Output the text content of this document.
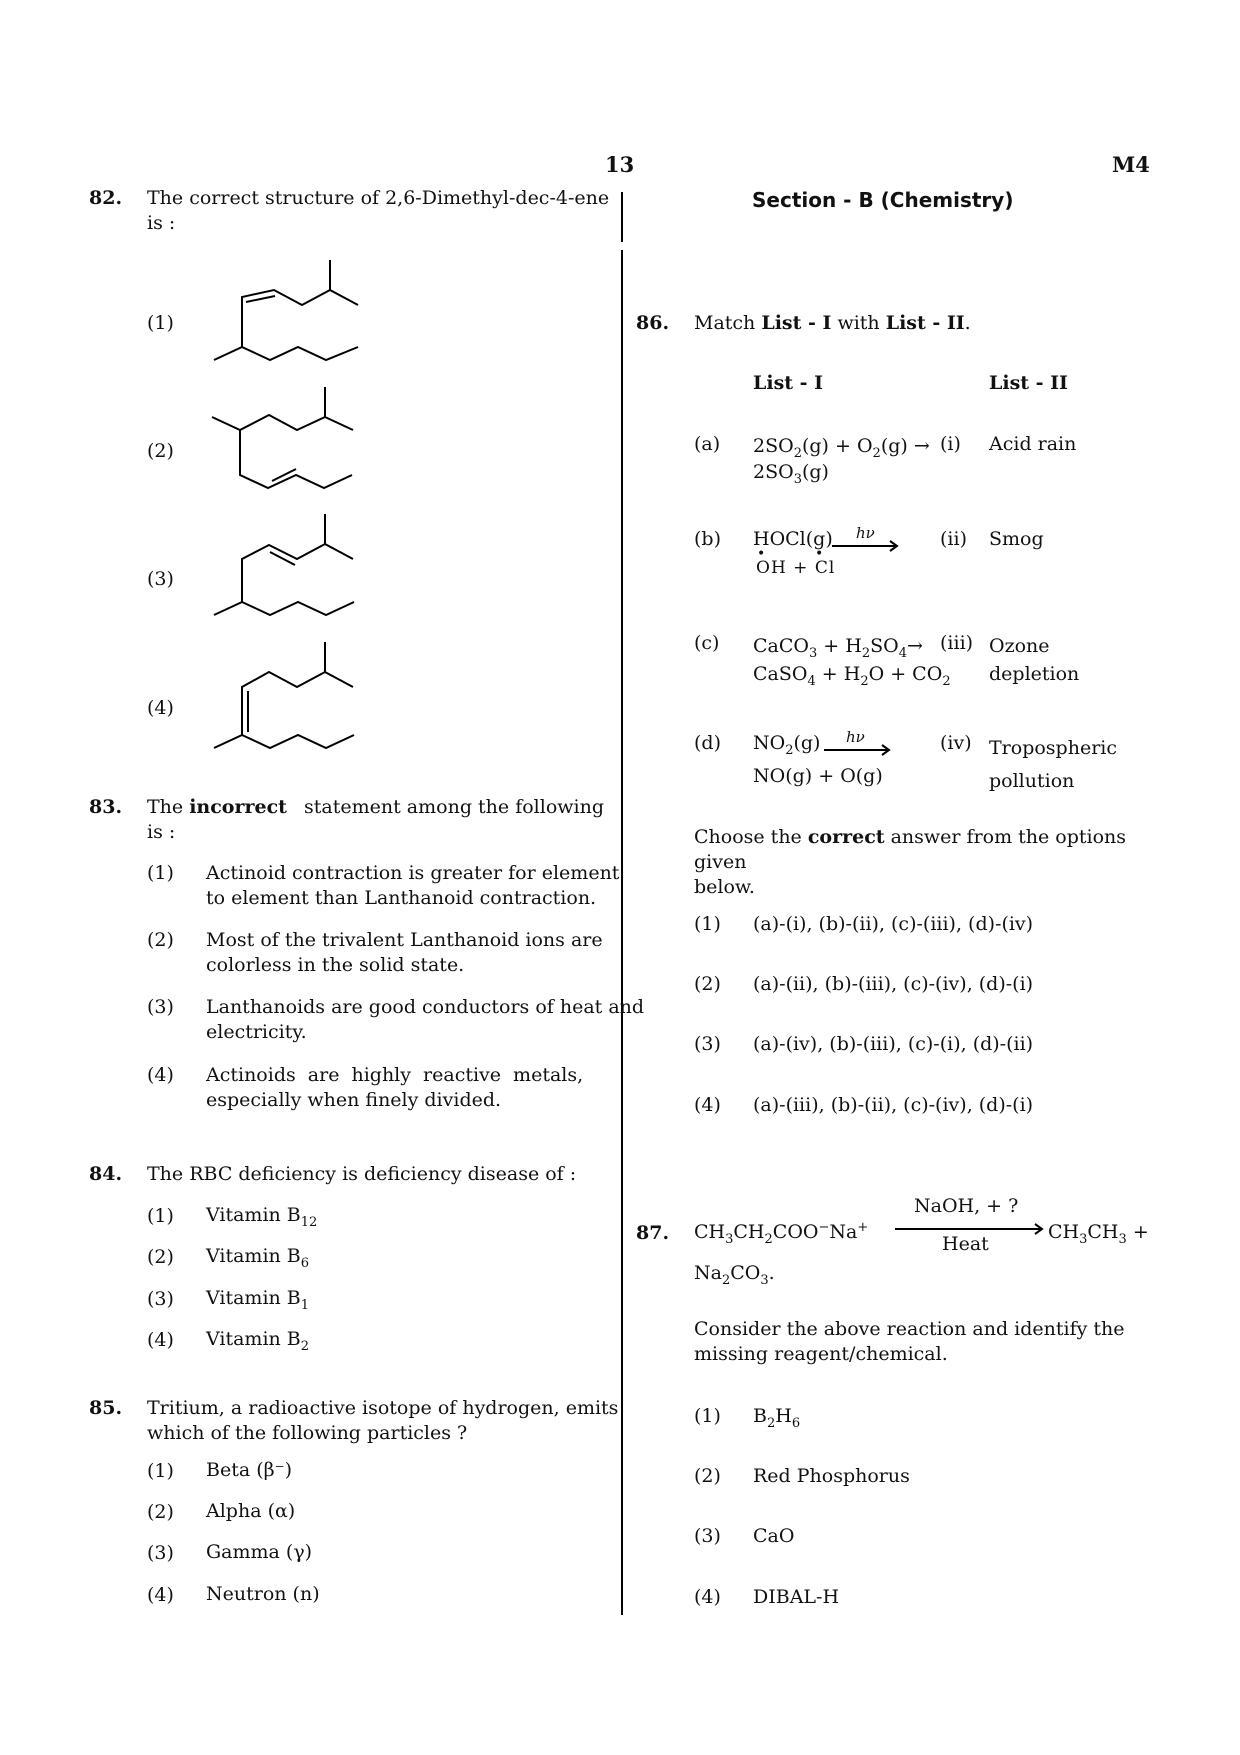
13	M4
82. The correct structure of 2,6-Dimethyl-dec-4-ene
is :
(1)
(2)
(3)
(4)
83. The incorrect statement among the following
is :
(1) Actinoid contraction is greater for element
to element than Lanthanoid contraction.
(2) Most of the trivalent Lanthanoid ions are
colorless in the solid state.
(3) Lanthanoids are good conductors of heat and
electricity.
(4) Actinoids are highly reactive metals,
especially when finely divided.
84. The RBC deficiency is deficiency disease of :
(1) Vitamin $B_{12}$
(2) Vitamin $B_6$
(3) Vitamin $B_1$
(4) Vitamin $B_2$
85. Tritium, a radioactive isotope of hydrogen, emits
which of the following particles ?
(1) Beta (β⁻)
(2) Alpha (α)
(3) Gamma (γ)
(4) Neutron (n)
Section - B (Chemistry)
86. Match List - I with List - II.
List - I	List - II
(a) $2SO_2(g) + O_2(g)$ →
$2SO_3(g)$
(i) Acid rain
(b) HOCl(g) hν
O
•
H + Cl
•
(ii) Smog
(c) CaCO$_3$ + $H_2SO_4\to$
CaSO$_4$ + $H_2O + CO_2$
(iii) Ozone
depletion
(d) $NO_2(g)$ hν
NO(g) + O(g)
(iv) Tropospheric
pollution
Choose the correct answer from the options given
below.
(1) (a)-(i), (b)-(ii), (c)-(iii), (d)-(iv)
(2) (a)-(ii), (b)-(iii), (c)-(iv), (d)-(i)
(3) (a)-(iv), (b)-(iii), (c)-(i), (d)-(ii)
(4) (a)-(iii), (b)-(ii), (c)-(iv), (d)-(i)
87. $CH_3CH_2COO^-Na^+$
NaOH, + ?
Heat
$CH_3CH_3$ +
$Na_2CO_3$.
Consider the above reaction and identify the
missing reagent/chemical.
(1) $B_2H_6$
(2) Red Phosphorus
(3) CaO
(4) DIBAL-H
